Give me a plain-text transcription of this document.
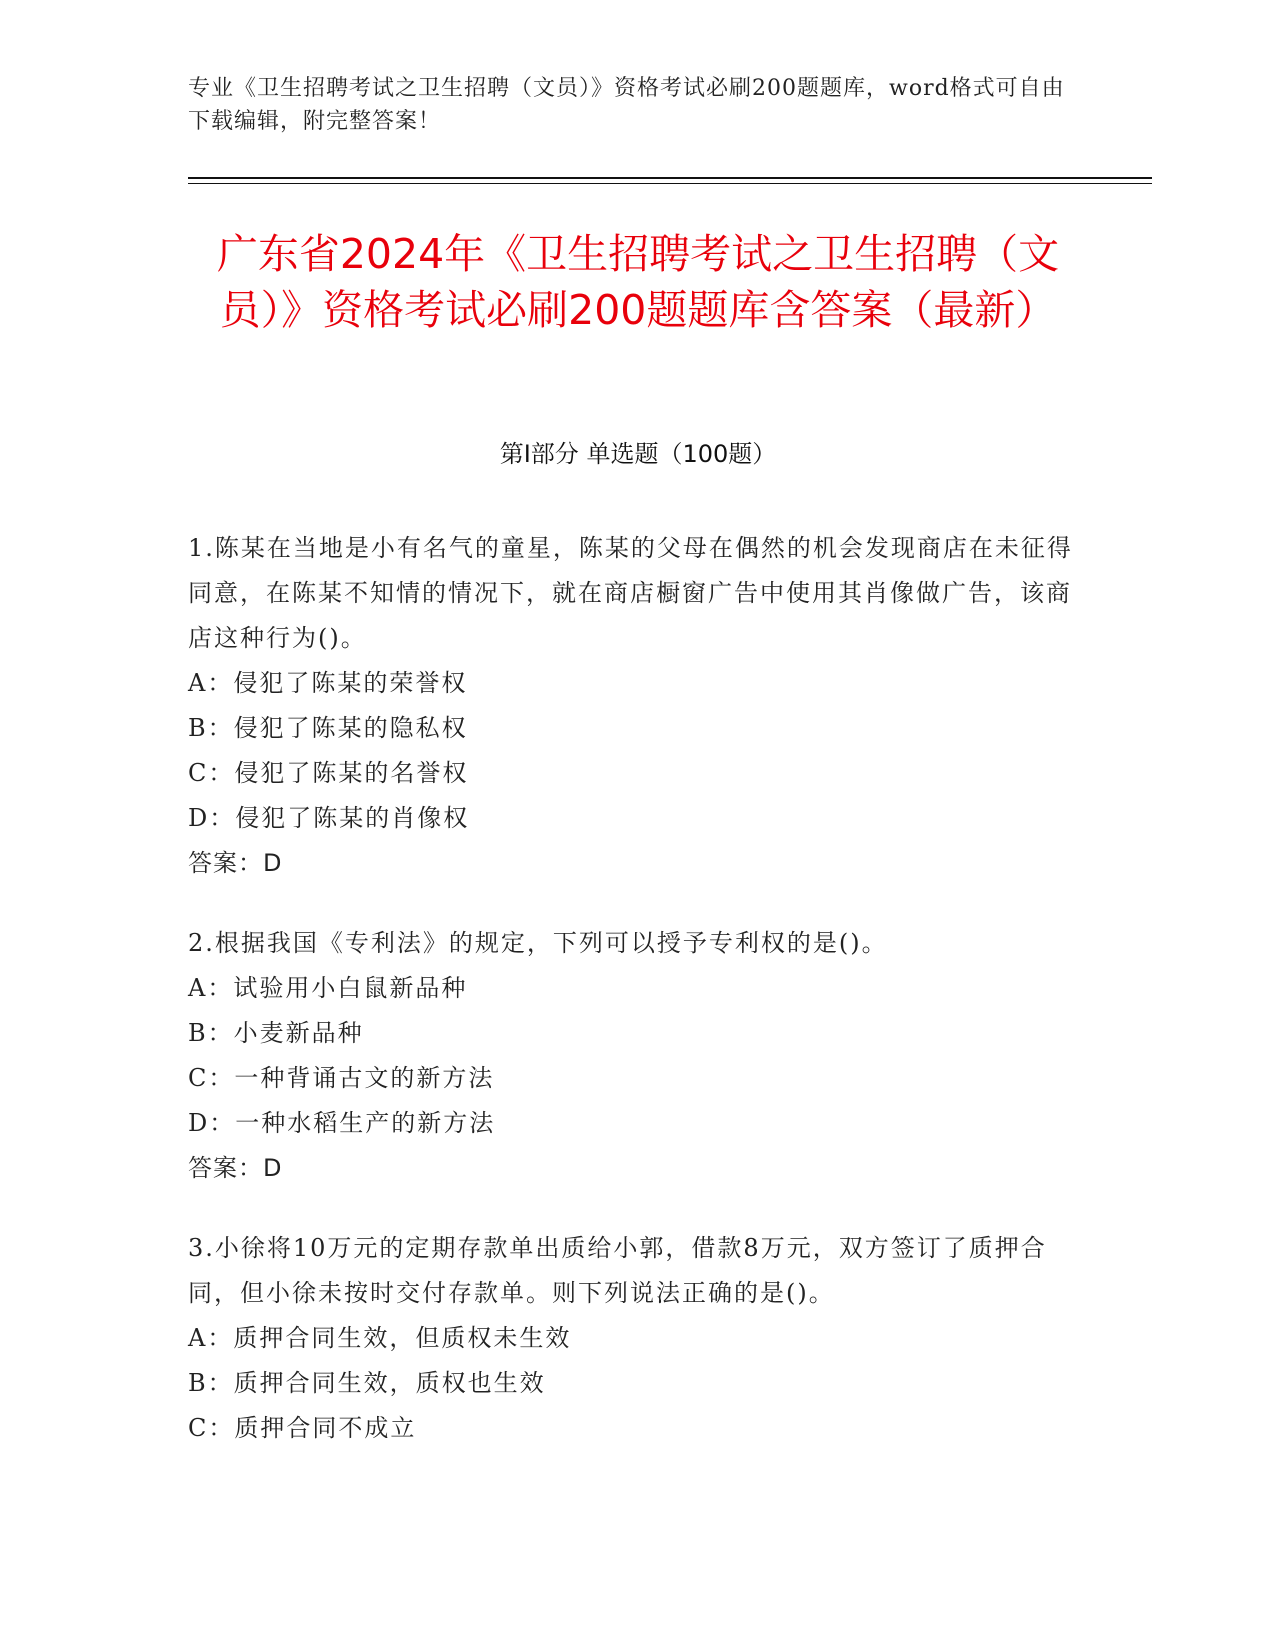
专业《卫生招聘考试之卫生招聘（文员）》资格考试必刷200题题库，word格式可自由下载编辑，附完整答案！
广东省2024年《卫生招聘考试之卫生招聘（文员）》资格考试必刷200题题库含答案（最新）
第Ⅰ部分 单选题（100题）
1.陈某在当地是小有名气的童星，陈某的父母在偶然的机会发现商店在未征得同意，在陈某不知情的情况下，就在商店橱窗广告中使用其肖像做广告，该商店这种行为()。
A：侵犯了陈某的荣誉权
B：侵犯了陈某的隐私权
C：侵犯了陈某的名誉权
D：侵犯了陈某的肖像权
答案：D
2.根据我国《专利法》的规定，下列可以授予专利权的是()。
A：试验用小白鼠新品种
B：小麦新品种
C：一种背诵古文的新方法
D：一种水稻生产的新方法
答案：D
3.小徐将10万元的定期存款单出质给小郭，借款8万元，双方签订了质押合同，但小徐未按时交付存款单。则下列说法正确的是()。
A：质押合同生效，但质权未生效
B：质押合同生效，质权也生效
C：质押合同不成立
